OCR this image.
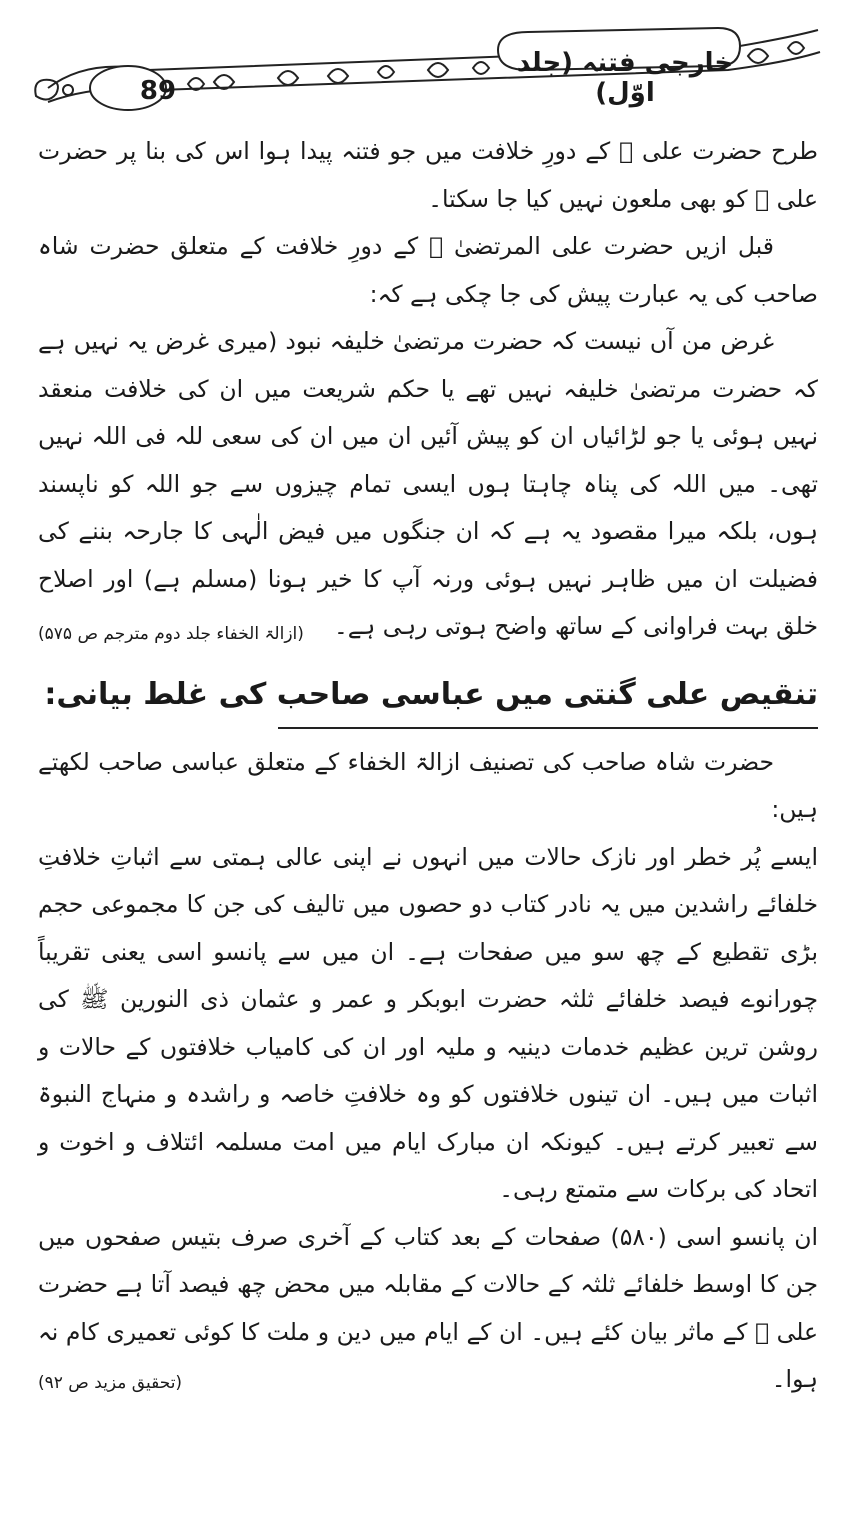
89
خارجی فتنہ (جلد اوّل)

طرح حضرت علی ﷜ کے دورِ خلافت میں جو فتنہ پیدا ہوا اس کی بنا پر حضرت علی ﷜ کو بھی ملعون نہیں کیا جا سکتا۔

قبل ازیں حضرت علی المرتضیٰ ﷜ کے دورِ خلافت کے متعلق حضرت شاہ صاحب کی یہ عبارت پیش کی جا چکی ہے کہ:

غرض من آں نیست کہ حضرت مرتضیٰ خلیفہ نبود (میری غرض یہ نہیں ہے کہ حضرت مرتضیٰ خلیفہ نہیں تھے یا حکم شریعت میں ان کی خلافت منعقد نہیں ہوئی یا جو لڑائیاں ان کو پیش آئیں ان میں ان کی سعی للہ فی اللہ نہیں تھی۔ میں اللہ کی پناہ چاہتا ہوں ایسی تمام چیزوں سے جو اللہ کو ناپسند ہوں، بلکہ میرا مقصود یہ ہے کہ ان جنگوں میں فیض الٰہی کا جارحہ بننے کی فضیلت ان میں ظاہر نہیں ہوئی ورنہ آپ کا خیر ہونا (مسلم ہے) اور اصلاح خلق بہت فراوانی کے ساتھ واضح ہوتی رہی ہے۔

(ازالۃ الخفاء جلد دوم مترجم ص ۵۷۵)

تنقیص علی گنتی میں عباسی صاحب کی غلط بیانی:

حضرت شاہ صاحب کی تصنیف ازالۃ الخفاء کے متعلق عباسی صاحب لکھتے ہیں:

ایسے پُر خطر اور نازک حالات میں انہوں نے اپنی عالی ہمتی سے اثباتِ خلافتِ خلفائے راشدین میں یہ نادر کتاب دو حصوں میں تالیف کی جن کا مجموعی حجم بڑی تقطیع کے چھ سو میں صفحات ہے۔ ان میں سے پانسو اسی یعنی تقریباً چورانوے فیصد خلفائے ثلثہ حضرت ابوبکر و عمر و عثمان ذی النورین ﷺ کی روشن ترین عظیم خدمات دینیہ و ملیہ اور ان کی کامیاب خلافتوں کے حالات و اثبات میں ہیں۔ ان تینوں خلافتوں کو وہ خلافتِ خاصہ و راشدہ و منہاج النبوۃ سے تعبیر کرتے ہیں۔ کیونکہ ان مبارک ایام میں امت مسلمہ ائتلاف و اخوت و اتحاد کی برکات سے متمتع رہی۔

ان پانسو اسی (۵۸۰) صفحات کے بعد کتاب کے آخری صرف بتیس صفحوں میں جن کا اوسط خلفائے ثلثہ کے حالات کے مقابلہ میں محض چھ فیصد آتا ہے حضرت علی ﷜ کے ماثر بیان کئے ہیں۔ ان کے ایام میں دین و ملت کا کوئی تعمیری کام نہ ہوا۔

(تحقیق مزید ص ۹۲)
